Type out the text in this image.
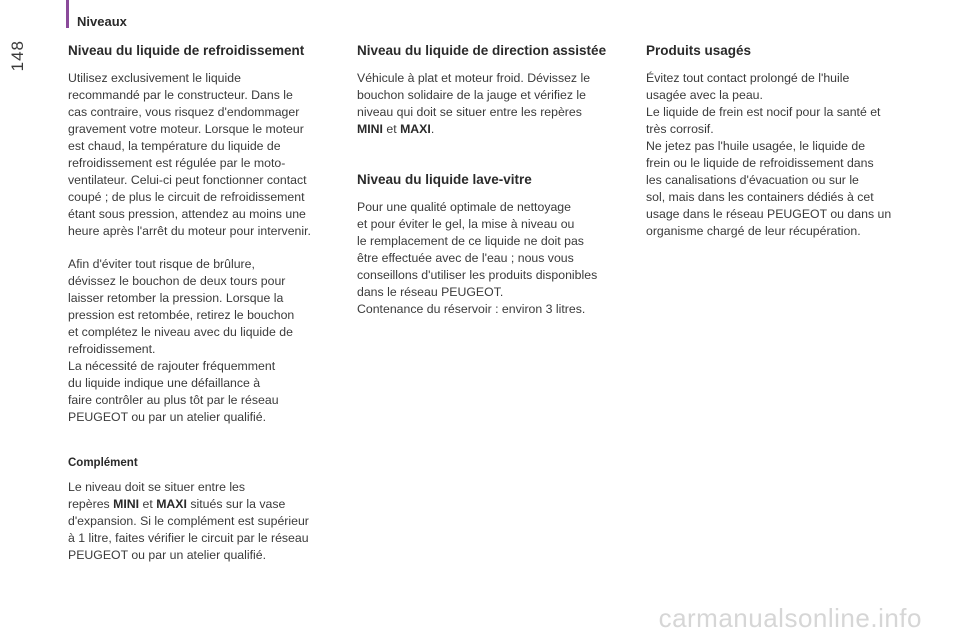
Niveaux
148	Niveau du liquide de refroidissement

Utilisez exclusivement le liquide
recommandé par le constructeur. Dans le
cas contraire, vous risquez d'endommager
gravement votre moteur. Lorsque le moteur
est chaud, la température du liquide de
refroidissement est régulée par le moto-
ventilateur. Celui-ci peut fonctionner contact
coupé ; de plus le circuit de refroidissement
étant sous pression, attendez au moins une
heure après l'arrêt du moteur pour intervenir.

Afin d'éviter tout risque de brûlure,
dévissez le bouchon de deux tours pour
laisser retomber la pression. Lorsque la
pression est retombée, retirez le bouchon
et complétez le niveau avec du liquide de
refroidissement.
La nécessité de rajouter fréquemment
du liquide indique une défaillance à
faire contrôler au plus tôt par le réseau
PEUGEOT ou par un atelier qualifié.

Complément

Le niveau doit se situer entre les
repères MINI et MAXI situés sur la vase
d'expansion. Si le complément est supérieur
à 1 litre, faites vérifier le circuit par le réseau
PEUGEOT ou par un atelier qualifié.

Niveau du liquide de direction assistée

Véhicule à plat et moteur froid. Dévissez le
bouchon solidaire de la jauge et vérifiez le
niveau qui doit se situer entre les repères
MINI et MAXI.

Niveau du liquide lave-vitre

Pour une qualité optimale de nettoyage
et pour éviter le gel, la mise à niveau ou
le remplacement de ce liquide ne doit pas
être effectuée avec de l'eau ; nous vous
conseillons d'utiliser les produits disponibles
dans le réseau PEUGEOT.
Contenance du réservoir : environ 3 litres.

Produits usagés

Évitez tout contact prolongé de l'huile
usagée avec la peau.
Le liquide de frein est nocif pour la santé et
très corrosif.
Ne jetez pas l'huile usagée, le liquide de
frein ou le liquide de refroidissement dans
les canalisations d'évacuation ou sur le
sol, mais dans les containers dédiés à cet
usage dans le réseau PEUGEOT ou dans un
organisme chargé de leur récupération.

carmanualsonline.info
